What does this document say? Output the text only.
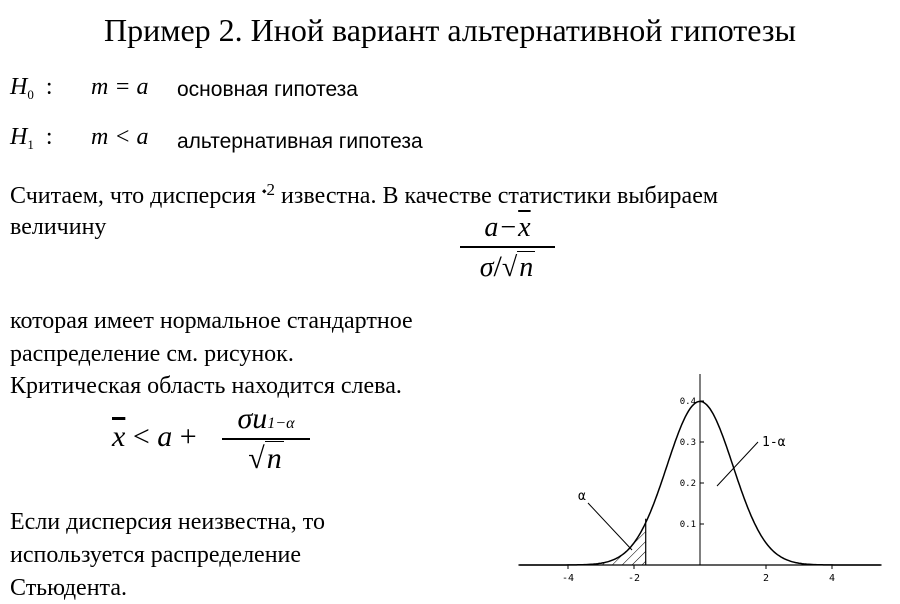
Пример 2. Иной вариант альтернативной гипотезы
$H_0$ : m = a основная гипотеза
$H_1$ : m < a альтернативная гипотеза
Считаем, что дисперсия $^{⬩2}$ известна. В качестве статистики выбираем
величину	$a-\overline{x}$
σ/√n
которая имеет нормальное стандартное
распределение см. рисунок.
Критическая область находится слева.
$\overline{x} < a$ +
σu1−α
√n
Если дисперсия неизвестна, то
используется распределение
Стьюдента.	-4	-2	2	4
0.1
0.2
0.3
0.4
α
1-α
